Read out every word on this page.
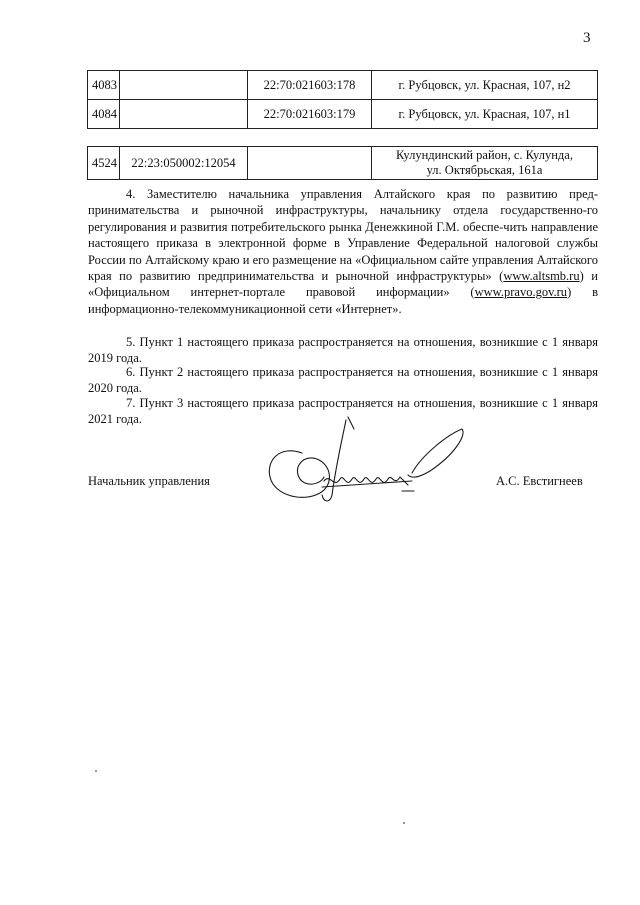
3
4083		22:70:021603:178	г. Рубцовск, ул. Красная, 107, н2
4084		22:70:021603:179	г. Рубцовск, ул. Красная, 107, н1
4524	22:23:050002:12054		Кулундинский район, с. Кулунда,
ул. Октябрьская, 161а
4. Заместителю начальника управления Алтайского края по развитию пред-принимательства и рыночной инфраструктуры, начальнику отдела государственно-го регулирования и развития потребительского рынка Денежкиной Г.М. обеспе-чить направление настоящего приказа в электронной форме в Управление Федеральной налоговой службы России по Алтайскому краю и его размещение на «Официальном сайте управления Алтайского края по развитию предпринимательства и рыночной инфраструктуры» (www.altsmb.ru) и «Официальном интернет-портале правовой информации» (www.pravo.gov.ru) в информационно-телекоммуникационной сети «Интернет».
5. Пункт 1 настоящего приказа распространяется на отношения, возникшие с 1 января 2019 года.
6. Пункт 2 настоящего приказа распространяется на отношения, возникшие с 1 января 2020 года.
7. Пункт 3 настоящего приказа распространяется на отношения, возникшие с 1 января 2021 года.
Начальник управления	А.С. Евстигнеев
